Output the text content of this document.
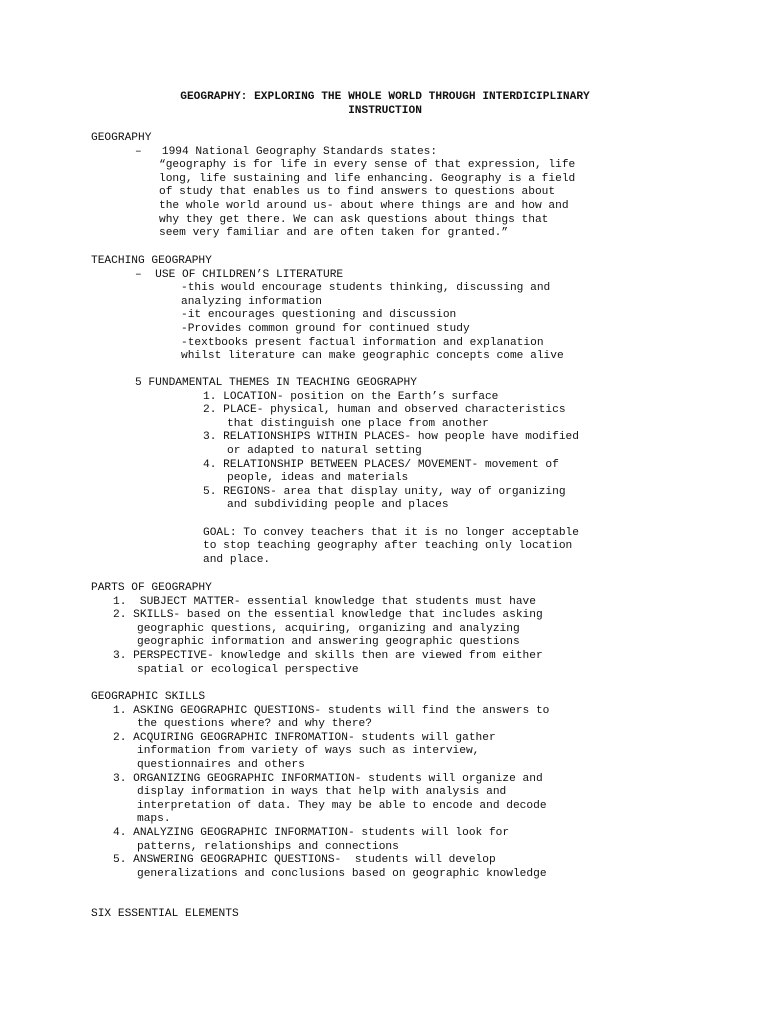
GEOGRAPHY: EXPLORING THE WHOLE WORLD THROUGH INTERDICIPLINARY
INSTRUCTION
GEOGRAPHY
–   1994 National Geography Standards states:
“geography is for life in every sense of that expression, life
long, life sustaining and life enhancing. Geography is a field
of study that enables us to find answers to questions about
the whole world around us- about where things are and how and
why they get there. We can ask questions about things that
seem very familiar and are often taken for granted.”
TEACHING GEOGRAPHY
–  USE OF CHILDREN’S LITERATURE
-this would encourage students thinking, discussing and
analyzing information
-it encourages questioning and discussion
-Provides common ground for continued study
-textbooks present factual information and explanation
whilst literature can make geographic concepts come alive
5 FUNDAMENTAL THEMES IN TEACHING GEOGRAPHY
1. LOCATION- position on the Earth’s surface
2. PLACE- physical, human and observed characteristics
that distinguish one place from another
3. RELATIONSHIPS WITHIN PLACES- how people have modified
or adapted to natural setting
4. RELATIONSHIP BETWEEN PLACES/ MOVEMENT- movement of
people, ideas and materials
5. REGIONS- area that display unity, way of organizing
and subdividing people and places
GOAL: To convey teachers that it is no longer acceptable
to stop teaching geography after teaching only location
and place.
PARTS OF GEOGRAPHY
1.  SUBJECT MATTER- essential knowledge that students must have
2. SKILLS- based on the essential knowledge that includes asking
geographic questions, acquiring, organizing and analyzing
geographic information and answering geographic questions
3. PERSPECTIVE- knowledge and skills then are viewed from either
spatial or ecological perspective
GEOGRAPHIC SKILLS
1. ASKING GEOGRAPHIC QUESTIONS- students will find the answers to
the questions where? and why there?
2. ACQUIRING GEOGRAPHIC INFROMATION- students will gather
information from variety of ways such as interview,
questionnaires and others
3. ORGANIZING GEOGRAPHIC INFORMATION- students will organize and
display information in ways that help with analysis and
interpretation of data. They may be able to encode and decode
maps.
4. ANALYZING GEOGRAPHIC INFORMATION- students will look for
patterns, relationships and connections
5. ANSWERING GEOGRAPHIC QUESTIONS-  students will develop
generalizations and conclusions based on geographic knowledge
SIX ESSENTIAL ELEMENTS
